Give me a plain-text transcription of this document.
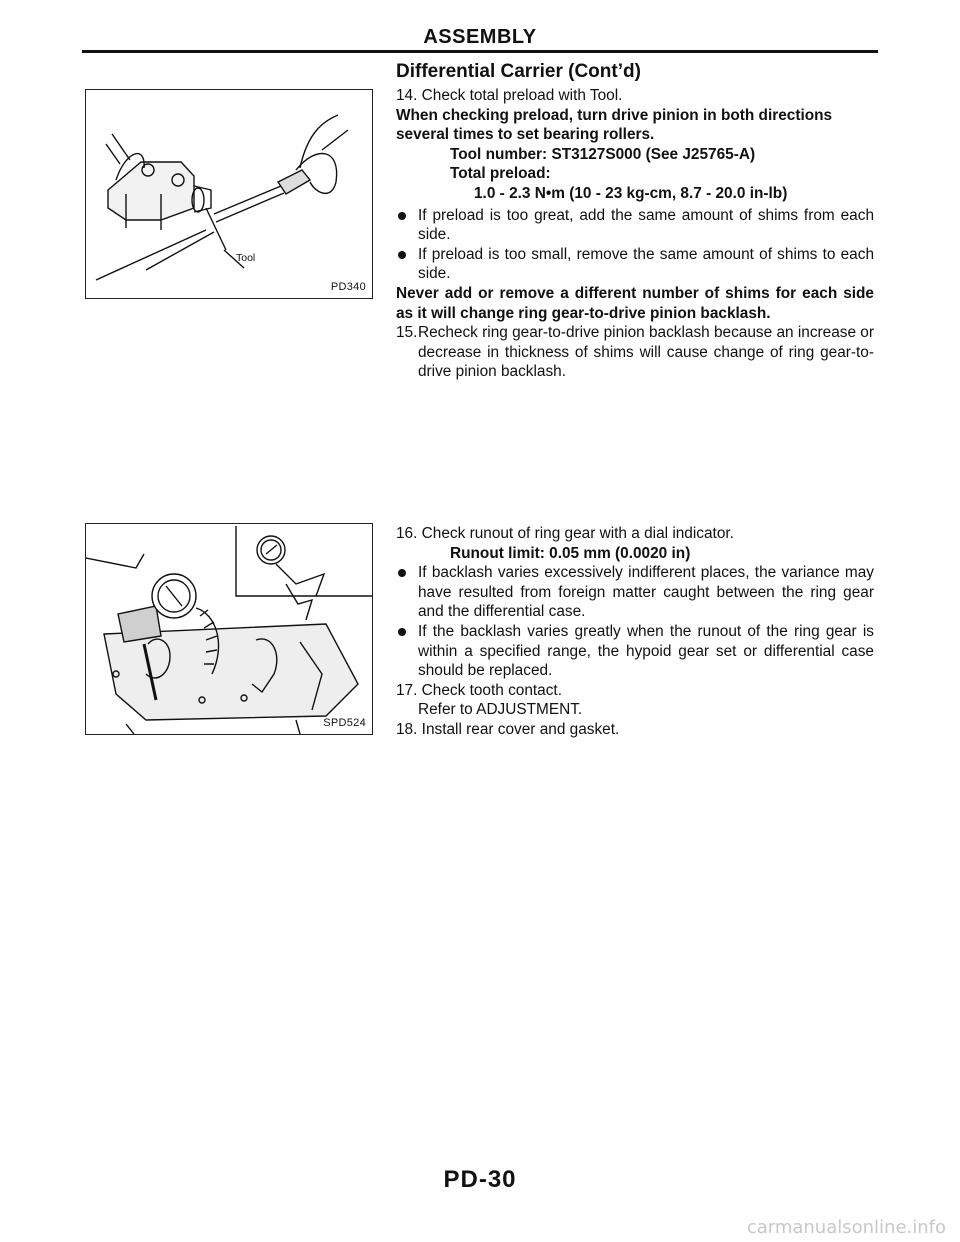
ASSEMBLY
Tool
PD340
SPD524
Differential Carrier (Cont’d)
14. Check total preload with Tool.
When checking preload, turn drive pinion in both directions
several times to set bearing rollers.
Tool number: ST3127S000 (See J25765-A)
Total preload:
1.0 - 2.3 N•m (10 - 23 kg-cm, 8.7 - 20.0 in-lb)
If preload is too great, add the same amount of shims from each side.
If preload is too small, remove the same amount of shims to each side.
Never add or remove a different number of shims for each side as it will change ring gear-to-drive pinion backlash.
15. Recheck ring gear-to-drive pinion backlash because an increase or decrease in thickness of shims will cause change of ring gear-to-drive pinion backlash.
16. Check runout of ring gear with a dial indicator.
Runout limit: 0.05 mm (0.0020 in)
If backlash varies excessively indifferent places, the variance may have resulted from foreign matter caught between the ring gear and the differential case.
If the backlash varies greatly when the runout of the ring gear is within a specified range, the hypoid gear set or differential case should be replaced.
17. Check tooth contact.
Refer to ADJUSTMENT.
18. Install rear cover and gasket.
PD-30
carmanualsonline.info
